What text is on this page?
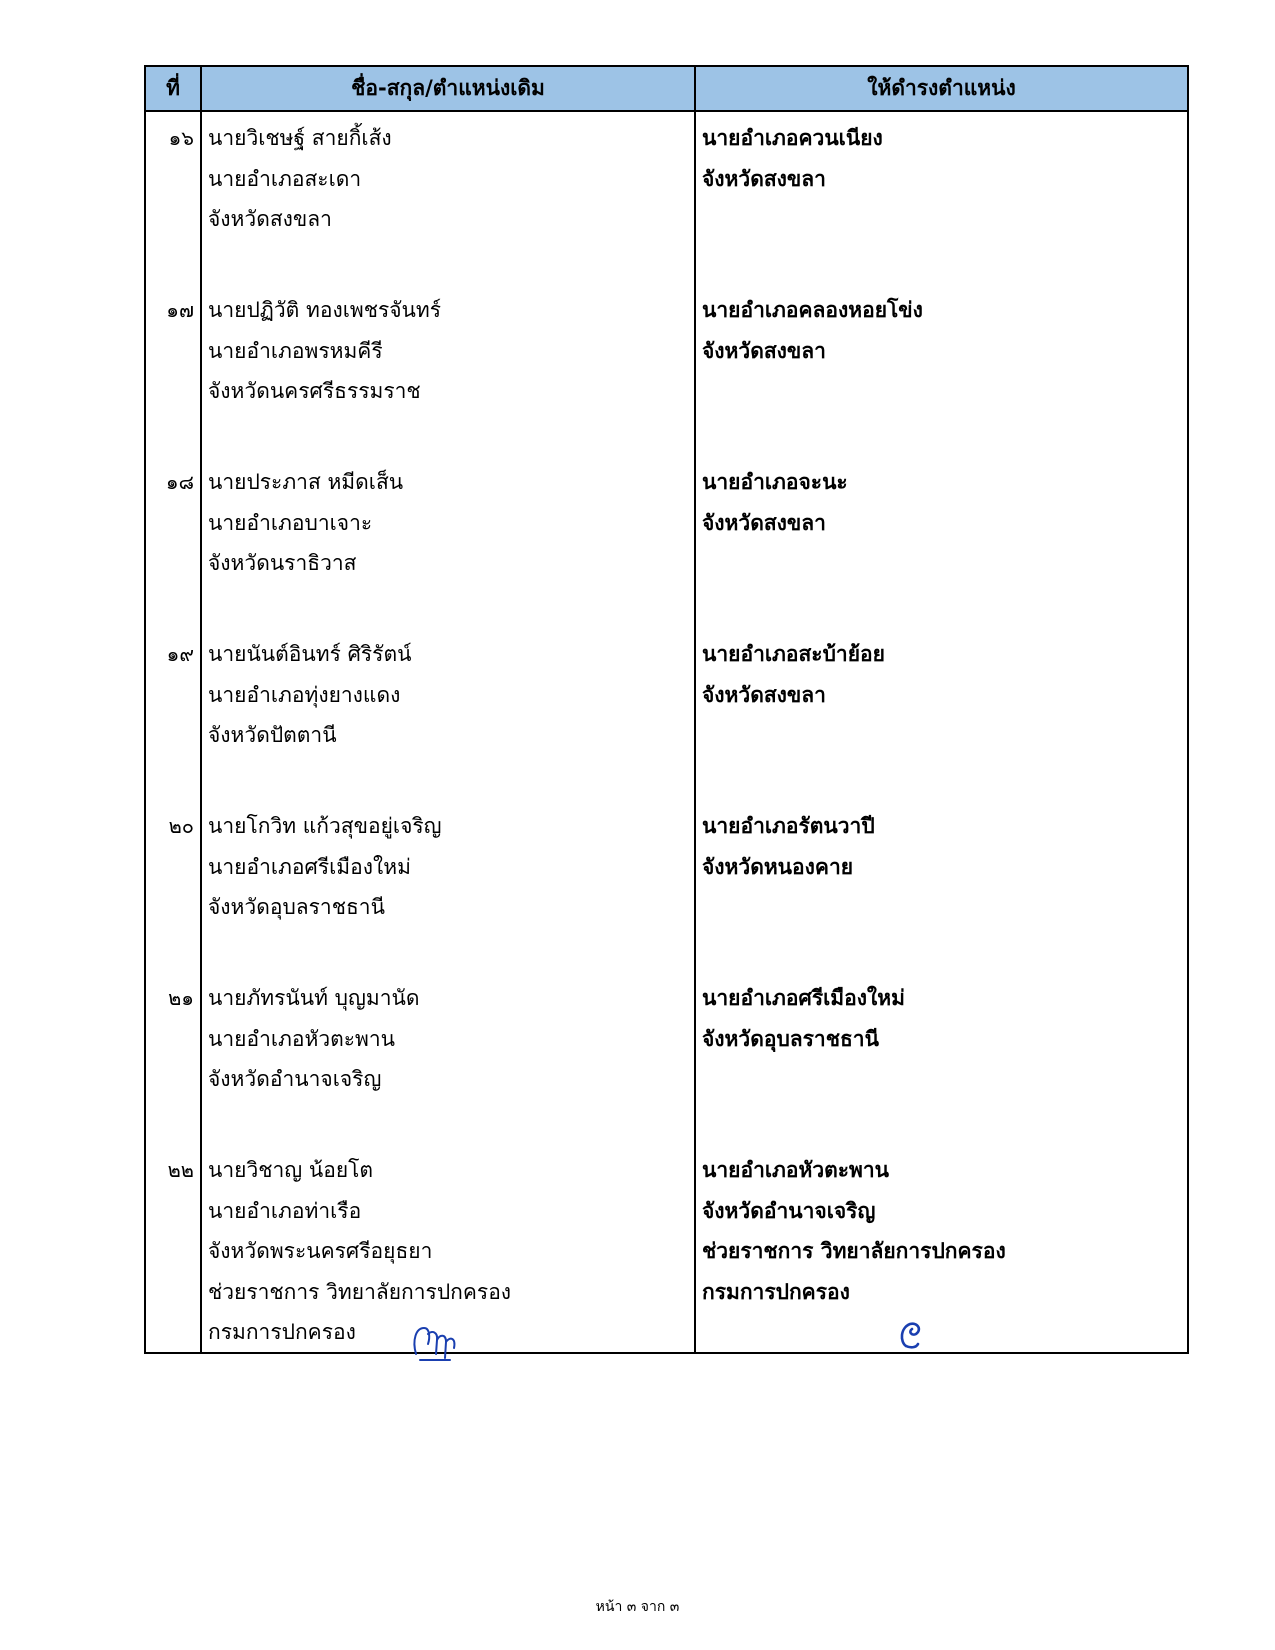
ที่	ชื่อ-สกุล/ตำแหน่งเดิม	ให้ดำรงตำแหน่ง
๑๖ นายวิเชษฐ์ สายกิ้เส้ง
นายอำเภอสะเดา
จังหวัดสงขลา
นายอำเภอควนเนียง
จังหวัดสงขลา
๑๗ นายปฏิวัติ ทองเพชรจันทร์
นายอำเภอพรหมคีรี
จังหวัดนครศรีธรรมราช
นายอำเภอคลองหอยโข่ง
จังหวัดสงขลา
๑๘ นายประภาส หมีดเส็น
นายอำเภอบาเจาะ
จังหวัดนราธิวาส
นายอำเภอจะนะ
จังหวัดสงขลา
๑๙ นายนันต์อินทร์ ศิริรัตน์
นายอำเภอทุ่งยางแดง
จังหวัดปัตตานี
นายอำเภอสะบ้าย้อย
จังหวัดสงขลา
๒๐ นายโกวิท แก้วสุขอยู่เจริญ
นายอำเภอศรีเมืองใหม่
จังหวัดอุบลราชธานี
นายอำเภอรัตนวาปี
จังหวัดหนองคาย
๒๑ นายภัทรนันท์ บุญมานัด
นายอำเภอหัวตะพาน
จังหวัดอำนาจเจริญ
นายอำเภอศรีเมืองใหม่
จังหวัดอุบลราชธานี
๒๒ นายวิชาญ น้อยโต
นายอำเภอท่าเรือ
จังหวัดพระนครศรีอยุธยา
ช่วยราชการ วิทยาลัยการปกครอง
กรมการปกครอง
นายอำเภอหัวตะพาน
จังหวัดอำนาจเจริญ
ช่วยราชการ วิทยาลัยการปกครอง
กรมการปกครอง
หน้า ๓ จาก ๓
